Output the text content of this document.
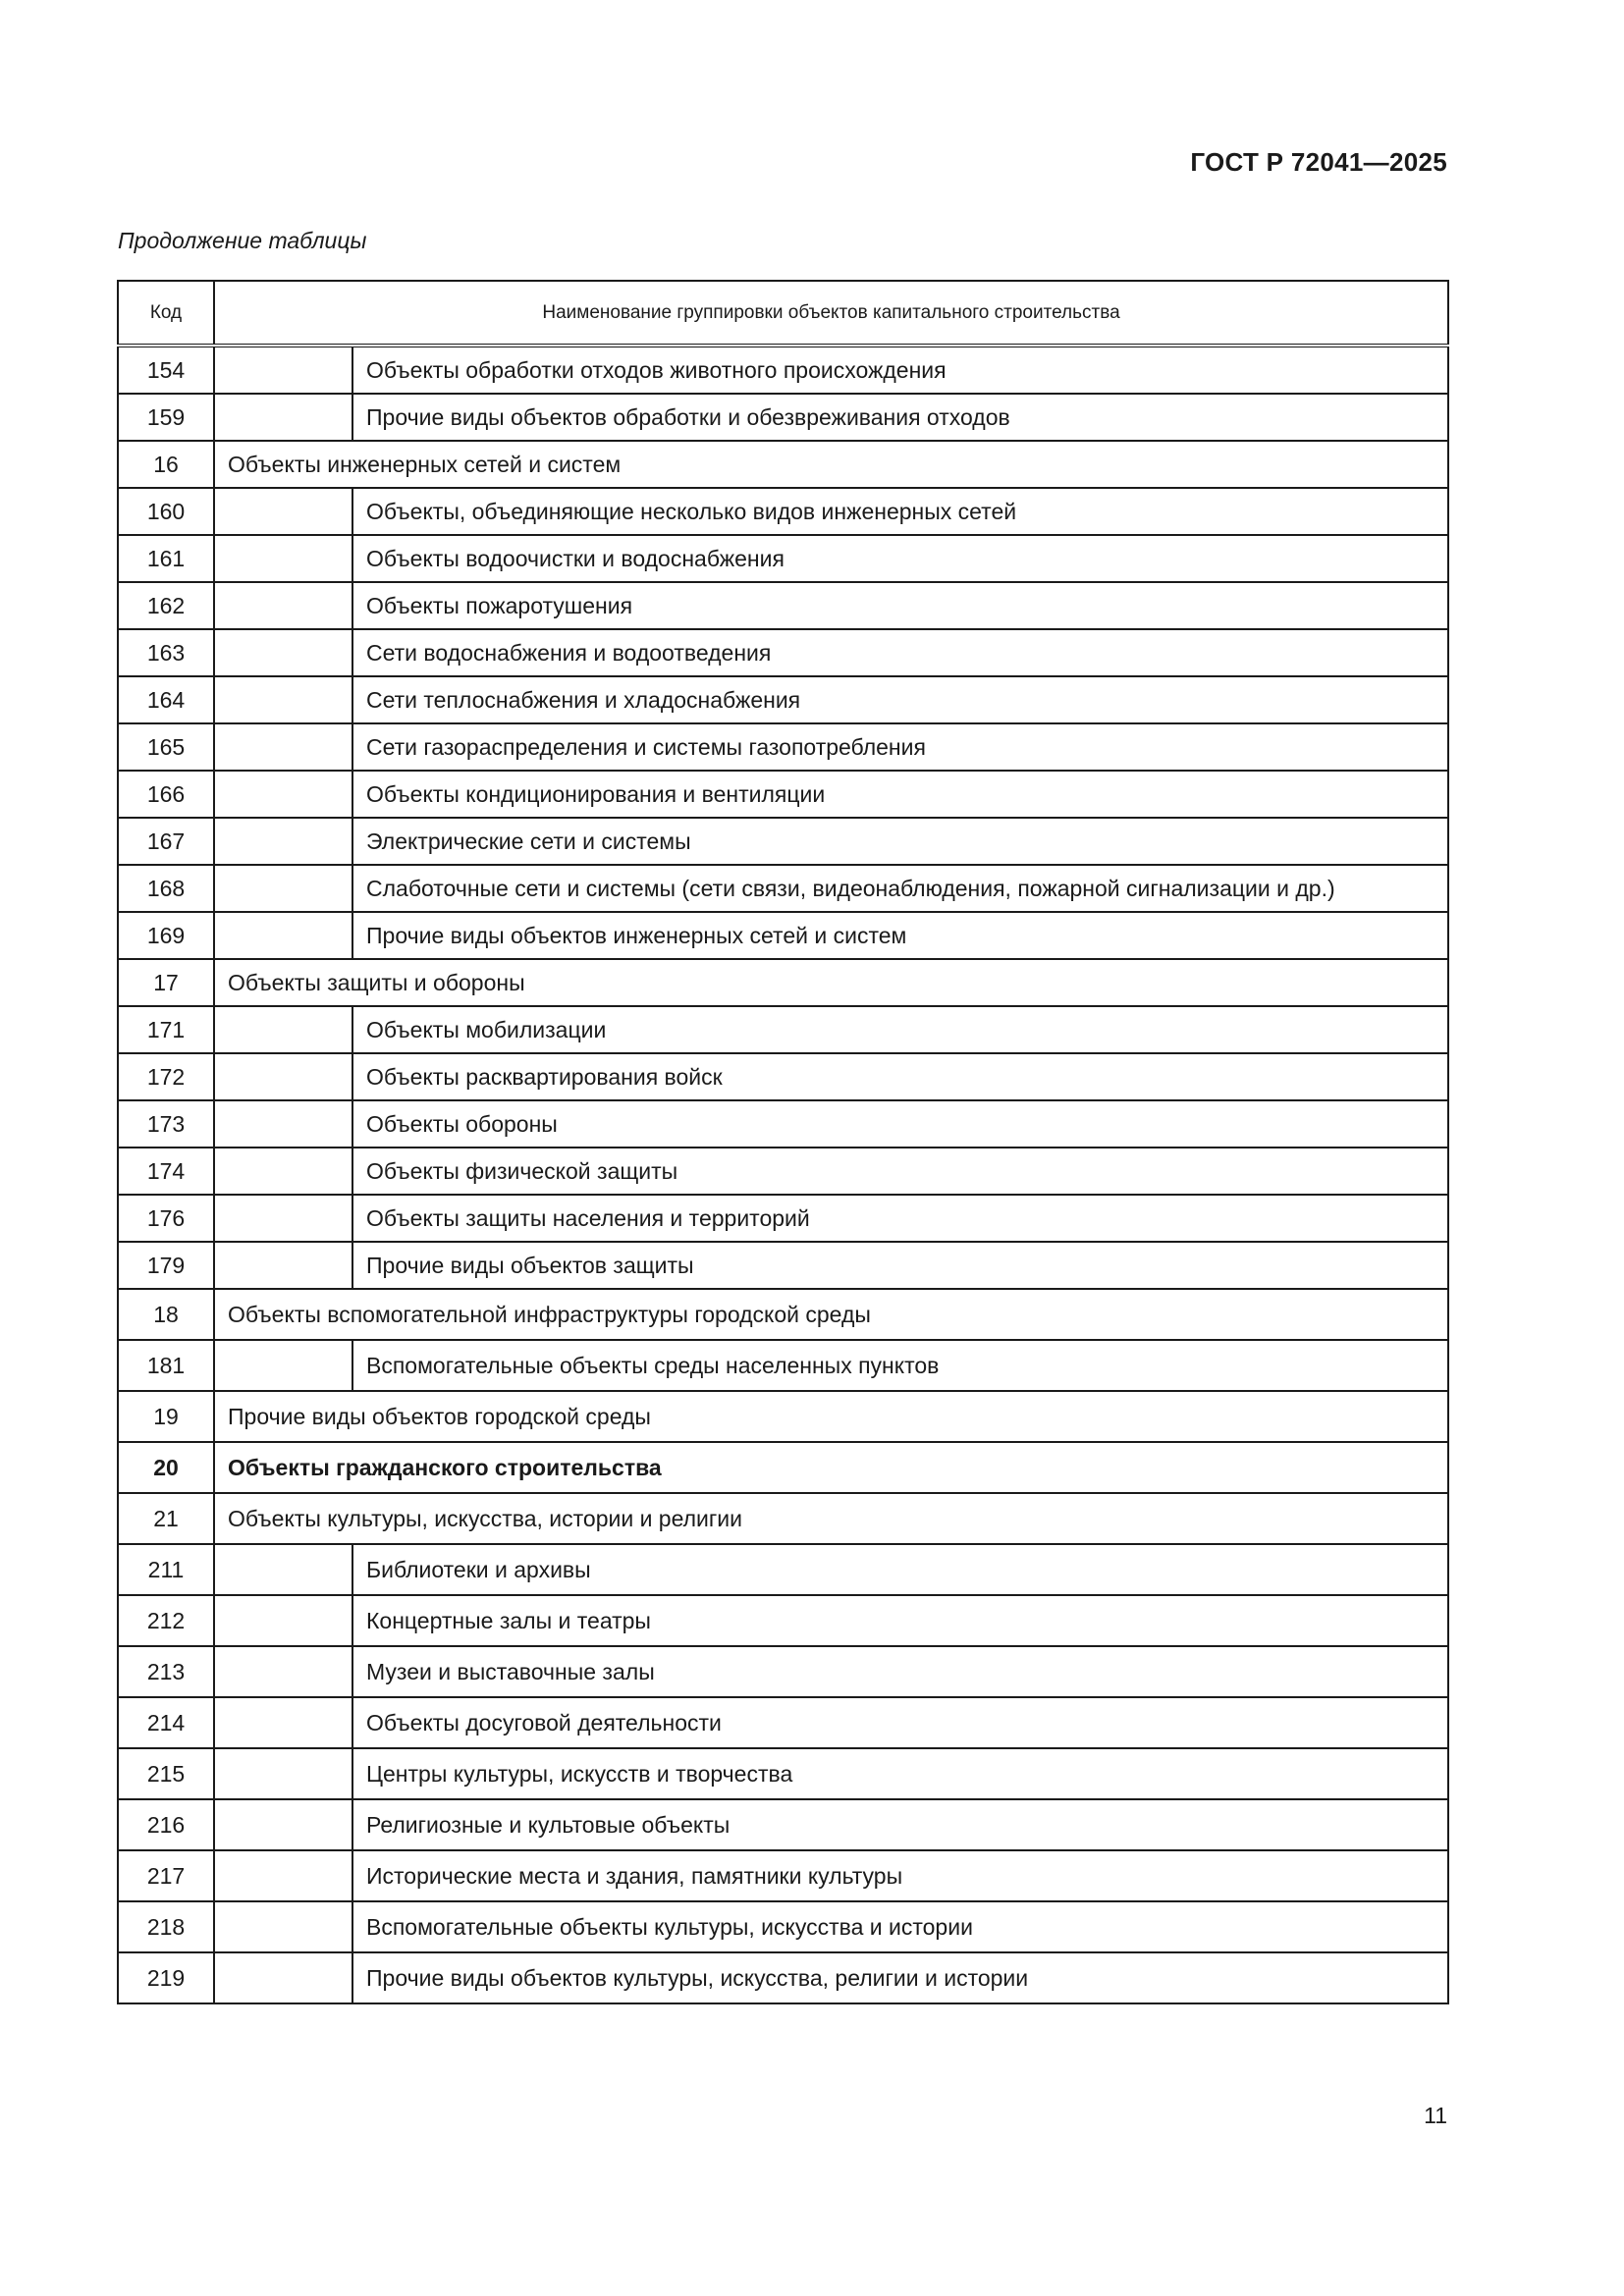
ГОСТ Р 72041—2025
Продолжение таблицы
Код	Наименование группировки объектов капитального строительства	
154		Объекты обработки отходов животного происхождения
159		Прочие виды объектов обработки и обезвреживания отходов
16	Объекты инженерных сетей и систем	
160		Объекты, объединяющие несколько видов инженерных сетей
161		Объекты водоочистки и водоснабжения
162		Объекты пожаротушения
163		Сети водоснабжения и водоотведения
164		Сети теплоснабжения и хладоснабжения
165		Сети газораспределения и системы газопотребления
166		Объекты кондиционирования и вентиляции
167		Электрические сети и системы
168		Слаботочные сети и системы (сети связи, видеонаблюдения, пожарной сигнализации и др.)
169		Прочие виды объектов инженерных сетей и систем
17	Объекты защиты и обороны	
171		Объекты мобилизации
172		Объекты расквартирования войск
173		Объекты обороны
174		Объекты физической защиты
176		Объекты защиты населения и территорий
179		Прочие виды объектов защиты
18	Объекты вспомогательной инфраструктуры городской среды	
181		Вспомогательные объекты среды населенных пунктов
19	Прочие виды объектов городской среды	
20	Объекты гражданского строительства	
21	Объекты культуры, искусства, истории и религии	
211		Библиотеки и архивы
212		Концертные залы и театры
213		Музеи и выставочные залы
214		Объекты досуговой деятельности
215		Центры культуры, искусств и творчества
216		Религиозные и культовые объекты
217		Исторические места и здания, памятники культуры
218		Вспомогательные объекты культуры, искусства и истории
219		Прочие виды объектов культуры, искусства, религии и истории
11
